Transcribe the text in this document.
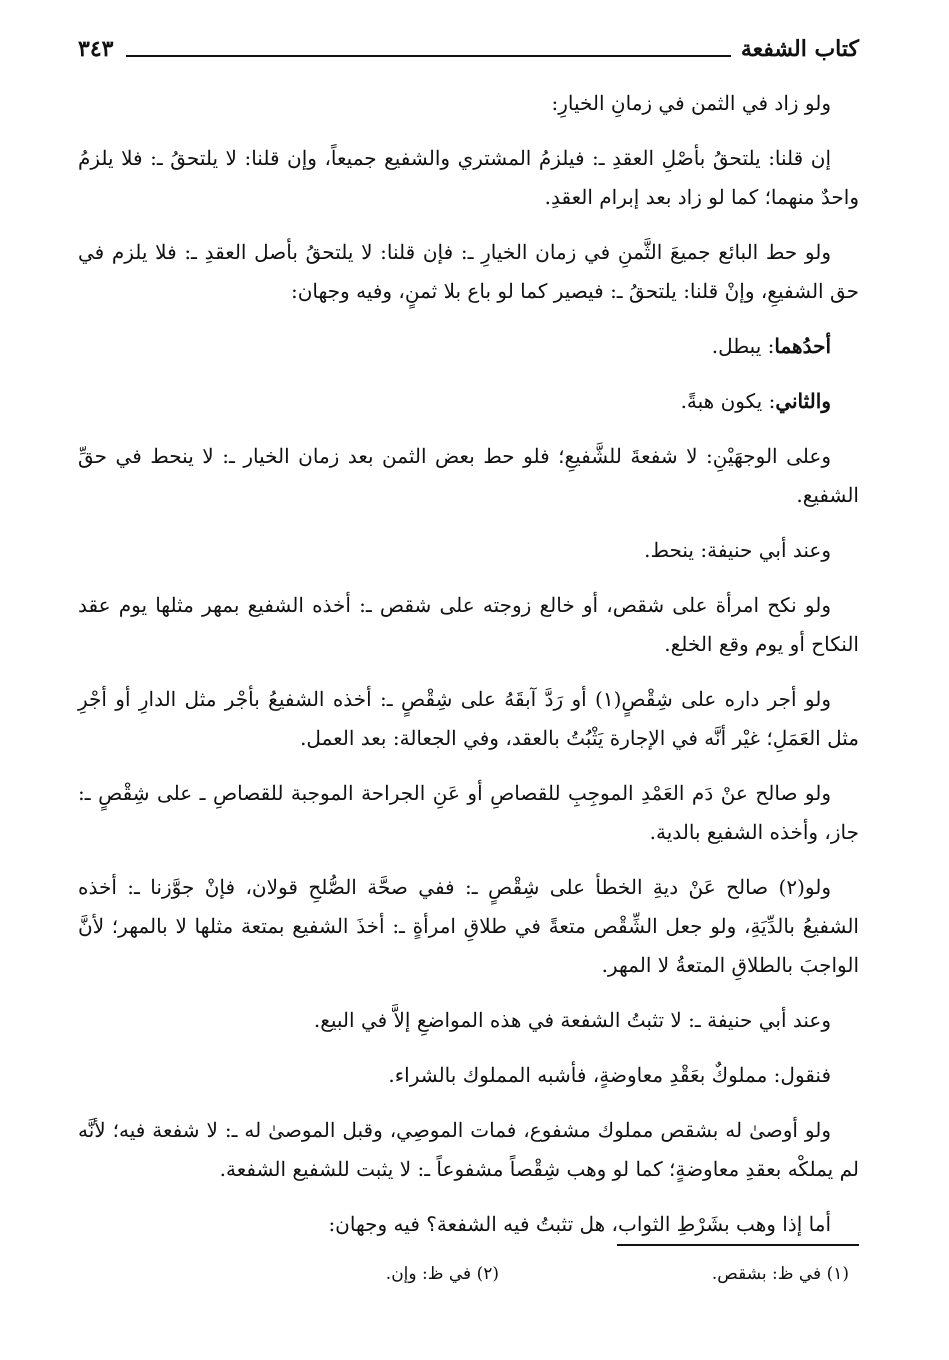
كتاب الشفعة
٣٤٣

ولو زاد في الثمن في زمانِ الخيارِ:

إن قلنا: يلتحقُ بأصْلِ العقدِ ـ: فيلزمُ المشتري والشفيع جميعاً، وإن قلنا: لا يلتحقُ ـ: فلا يلزمُ واحدٌ منهما؛ كما لو زاد بعد إبرام العقدِ.

ولو حط البائع جميعَ الثَّمنِ في زمان الخيارِ ـ: فإن قلنا: لا يلتحقُ بأصل العقدِ ـ: فلا يلزم في حق الشفيعِ، وإنْ قلنا: يلتحقُ ـ: فيصير كما لو باع بلا ثمنٍ، وفيه وجهان:

أحدُهما: يبطل.

والثاني: يكون هبةً.

وعلى الوجهَيْنِ: لا شفعةَ للشَّفيعِ؛ فلو حط بعض الثمن بعد زمان الخيار ـ: لا ينحط في حقِّ الشفيع.

وعند أبي حنيفة: ينحط.

ولو نكح امرأة على شقص، أو خالع زوجته على شقص ـ: أخذه الشفيع بمهر مثلها يوم عقد النكاح أو يوم وقع الخلع.

ولو أجر داره على شِقْصٍ(١) أو رَدَّ آبقَهُ على شِقْصٍ ـ: أخذه الشفيعُ بأجْر مثل الدارِ أو أجْرِ مثل العَمَلِ؛ غيْر أنَّه في الإجارة يَثْبُتُ بالعقد، وفي الجعالة: بعد العمل.

ولو صالح عنْ دَم العَمْدِ الموجِبِ للقصاصِ أو عَنِ الجراحة الموجبة للقصاصِ ـ على شِقْصٍ ـ: جاز، وأخذه الشفيع بالدية.

ولو(٢) صالح عَنْ ديةِ الخطأ على شِقْصٍ ـ: ففي صحَّة الصُّلحِ قولان، فإنْ جوَّزنا ـ: أخذه الشفيعُ بالدِّيَةِ، ولو جعل الشِّقْص متعةً في طلاقِ امرأةٍ ـ: أخذَ الشفيع بمتعة مثلها لا بالمهر؛ لأنَّ الواجبَ بالطلاقِ المتعةُ لا المهر.

وعند أبي حنيفة ـ: لا تثبتُ الشفعة في هذه المواضعِ إلاَّ في البيع.

فنقول: مملوكٌ بعَقْدِ معاوضةٍ، فأشبه المملوك بالشراء.

ولو أوصىٰ له بشقص مملوك مشفوع، فمات الموصِي، وقبل الموصىٰ له ـ: لا شفعة فيه؛ لأنَّه لم يملكْه بعقدِ معاوضةٍ؛ كما لو وهب شِقْصاً مشفوعاً ـ: لا يثبت للشفيع الشفعة.

أما إذا وهب بشَرْطِ الثواب، هل تثبتُ فيه الشفعة؟ فيه وجهان:

(١) في ظ: بشقص.
(٢) في ظ: وإن.
